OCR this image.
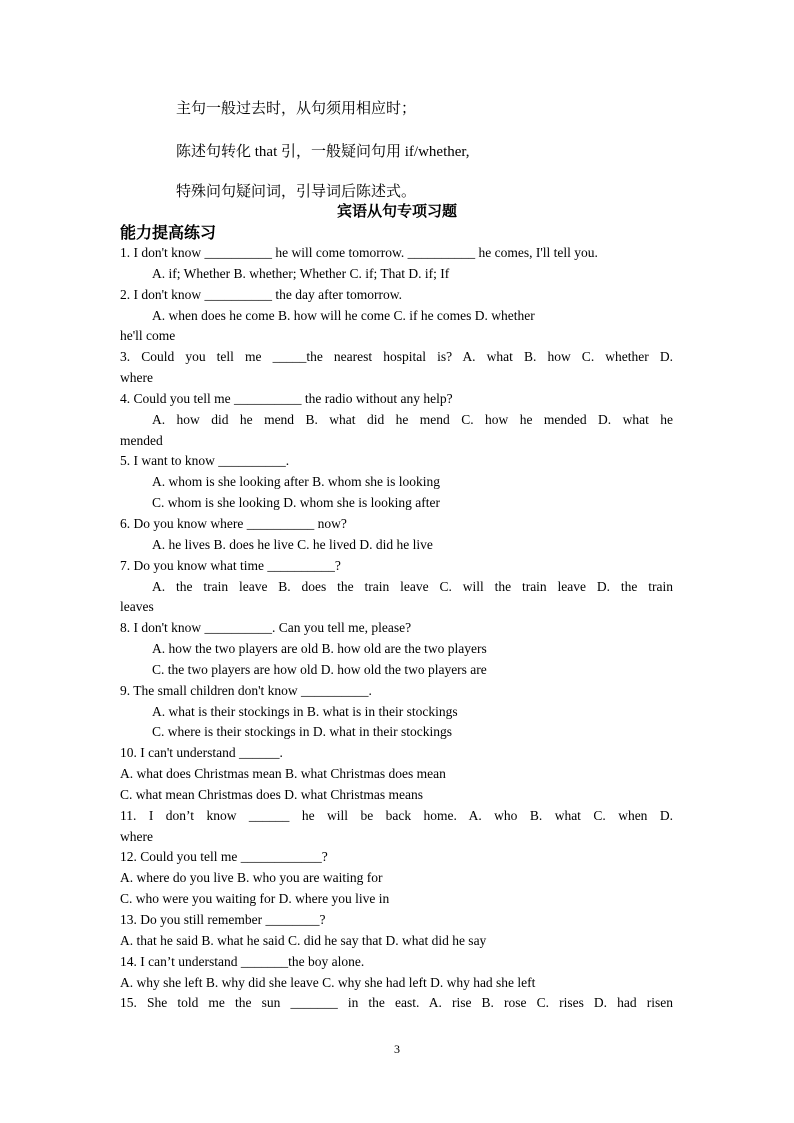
主句一般过去时，从句须用相应时；
陈述句转化 that 引，一般疑问句用 if/whether,
特殊问句疑问词，引导词后陈述式。
宾语从句专项习题
能力提高练习
1. I don't know __________ he will come tomorrow. __________ he comes, I'll tell you.
A. if; Whether B. whether; Whether C. if; That D. if; If
2. I don't know __________ the day after tomorrow.
A. when does he come B. how will he come C. if he comes D. whether
he'll come
3. Could you tell me _____the nearest hospital is? A. what B. how C. whether D.
where
4. Could you tell me __________ the radio without any help?
A. how did he mend B. what did he mend C. how he mended D. what he
mended
5. I want to know __________.
A. whom is she looking after B. whom she is looking
C. whom is she looking D. whom she is looking after
6. Do you know where __________ now?
A. he lives B. does he live C. he lived D. did he live
7. Do you know what time __________?
A. the train leave B. does the train leave C. will the train leave D. the train
leaves
8. I don't know __________. Can you tell me, please?
A. how the two players are old B. how old are the two players
C. the two players are how old D. how old the two players are
9. The small children don't know __________.
A. what is their stockings in B. what is in their stockings
C. where is their stockings in D. what in their stockings
10. I can't understand ______.
A. what does Christmas mean B. what Christmas does mean
C. what mean Christmas does D. what Christmas means
11. I don’t know ______ he will be back home. A. who B. what C. when D.
where
12. Could you tell me ____________?
A. where do you live B. who you are waiting for
C. who were you waiting for D. where you live in
13. Do you still remember ________?
A. that he said B. what he said C. did he say that D. what did he say
14. I can’t understand _______the boy alone.
A. why she left B. why did she leave C. why she had left D. why had she left
15. She told me the sun _______ in the east. A. rise B. rose C. rises D. had risen
3
